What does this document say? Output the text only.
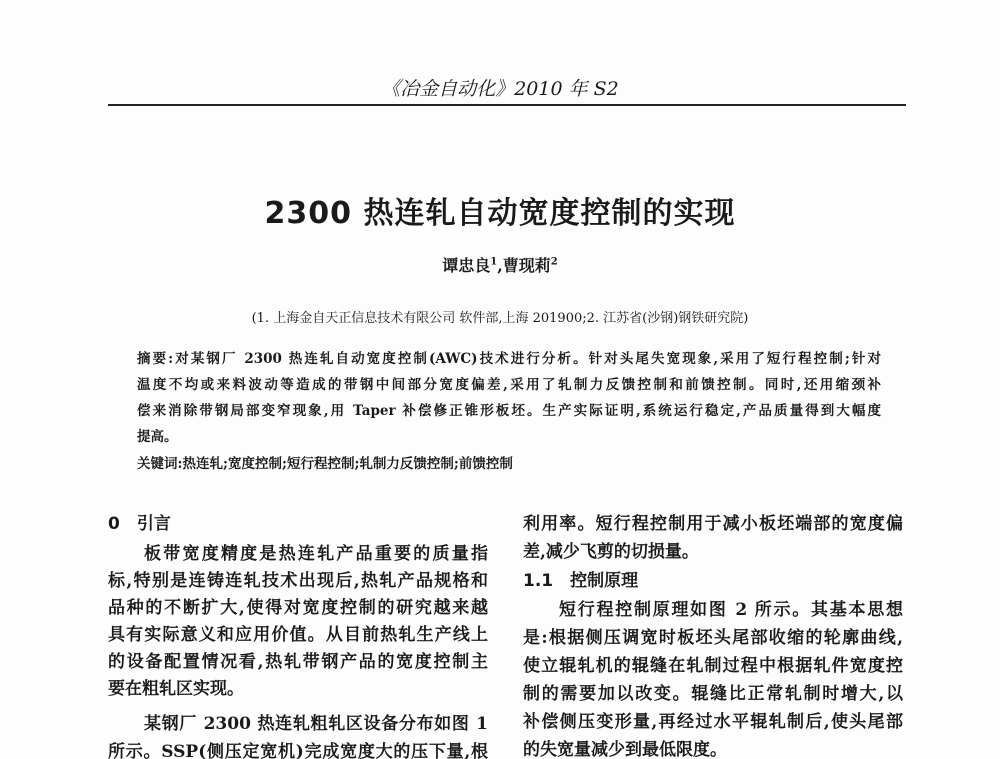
《冶金自动化》2010 年 S2
2300 热连轧自动宽度控制的实现
谭忠良$^1$,曹现莉$^2$
(1. 上海金自天正信息技术有限公司 软件部,上海 201900;2. 江苏省(沙钢)钢铁研究院)
摘要:对某钢厂 2300 热连轧自动宽度控制(AWC)技术进行分析。针对头尾失宽现象,采用了短行程控制;针对
温度不均或来料波动等造成的带钢中间部分宽度偏差,采用了轧制力反馈控制和前馈控制。同时,还用缩颈补
偿来消除带钢局部变窄现象,用 Taper 补偿修正锥形板坯。生产实际证明,系统运行稳定,产品质量得到大幅度
提高。
关键词:热连轧;宽度控制;短行程控制;轧制力反馈控制;前馈控制
0　引言
板带宽度精度是热连轧产品重要的质量指
标,特别是连铸连轧技术出现后,热轧产品规格和
品种的不断扩大,使得对宽度控制的研究越来越
具有实际意义和应用价值。从目前热轧生产线上
的设备配置情况看,热轧带钢产品的宽度控制主
要在粗轧区实现。
某钢厂 2300 热连轧粗轧区设备分布如图 1
所示。SSP(侧压定宽机)完成宽度大的压下量,根
利用率。短行程控制用于减小板坯端部的宽度偏
差,减少飞剪的切损量。
1.1　控制原理
短行程控制原理如图 2 所示。其基本思想
是:根据侧压调宽时板坯头尾部收缩的轮廓曲线,
使立辊轧机的辊缝在轧制过程中根据轧件宽度控
制的需要加以改变。辊缝比正常轧制时增大,以
补偿侧压变形量,再经过水平辊轧制后,使头尾部
的失宽量减少到最低限度。
